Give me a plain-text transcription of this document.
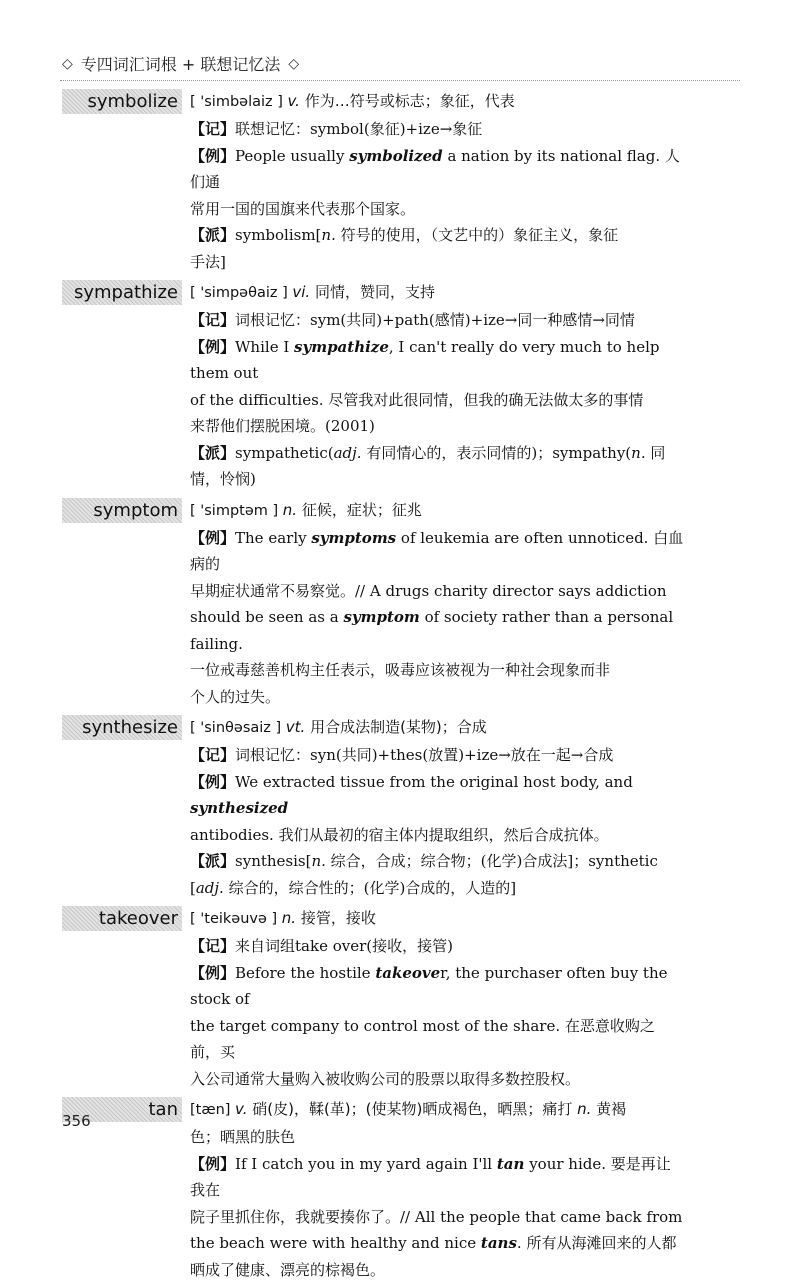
◇ 专四词汇词根 + 联想记忆法 ◇
symbolize [ 'simbəlaiz ] v. 作为…符号或标志；象征，代表
【记】联想记忆：symbol(象征)+ize→象征
【例】People usually symbolized a nation by its national flag. 人们通
常用一国的国旗来代表那个国家。
【派】symbolism[n. 符号的使用，（文艺中的）象征主义，象征
手法]
sympathize [ 'simpəθaiz ] vi. 同情，赞同，支持
【记】词根记忆：sym(共同)+path(感情)+ize→同一种感情→同情
【例】While I sympathize, I can't really do very much to help them out
of the difficulties. 尽管我对此很同情，但我的确无法做太多的事情
来帮他们摆脱困境。(2001)
【派】sympathetic(adj. 有同情心的，表示同情的)；sympathy(n. 同
情，怜悯)
symptom [ 'simptəm ] n. 征候，症状；征兆
【例】The early symptoms of leukemia are often unnoticed. 白血病的
早期症状通常不易察觉。// A drugs charity director says addiction
should be seen as a symptom of society rather than a personal failing.
一位戒毒慈善机构主任表示，吸毒应该被视为一种社会现象而非
个人的过失。
synthesize [ 'sinθəsaiz ] vt. 用合成法制造(某物)；合成
【记】词根记忆：syn(共同)+thes(放置)+ize→放在一起→合成
【例】We extracted tissue from the original host body, and synthesized
antibodies. 我们从最初的宿主体内提取组织，然后合成抗体。
【派】synthesis[n. 综合，合成；综合物；(化学)合成法]；synthetic
[adj. 综合的，综合性的；(化学)合成的，人造的]
takeover [ 'teikəuvə ] n. 接管，接收
【记】来自词组take over(接收，接管)
【例】Before the hostile takeover, the purchaser often buy the stock of
the target company to control most of the share. 在恶意收购之前，买
入公司通常大量购入被收购公司的股票以取得多数控股权。
tan [tæn] v. 硝(皮)，鞣(革)；(使某物)晒成褐色，晒黑；痛打 n. 黄褐
色；晒黑的肤色
【例】If I catch you in my yard again I'll tan your hide. 要是再让我在
院子里抓住你，我就要揍你了。// All the people that came back from
the beach were with healthy and nice tans. 所有从海滩回来的人都
晒成了健康、漂亮的棕褐色。
356
